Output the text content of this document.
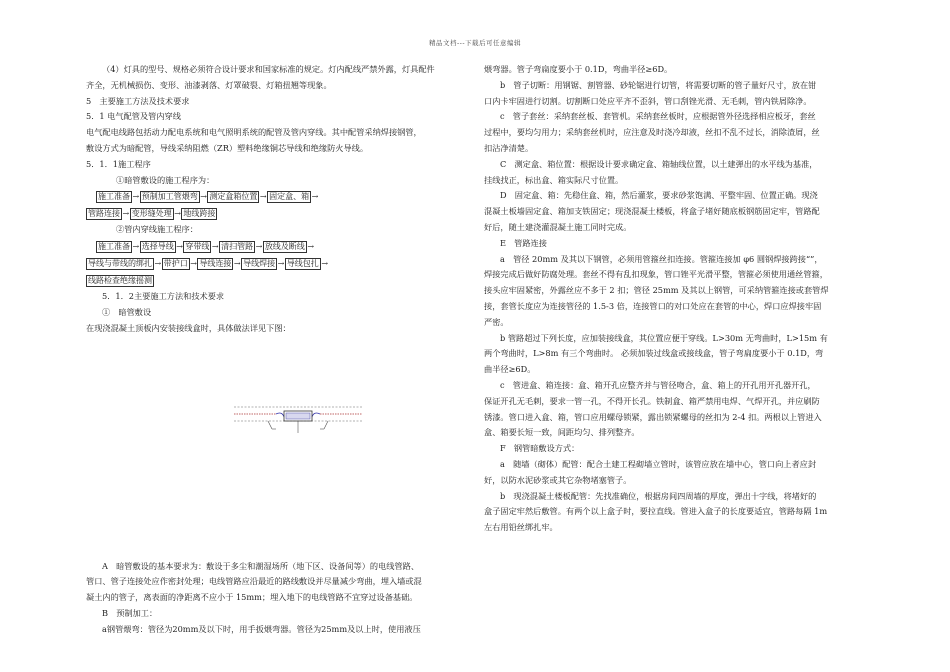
精品文档---下载后可任意编辑

（4）灯具的型号、规格必须符合设计要求和国家标准的规定。灯内配线严禁外露，灯具配件

齐全，无机械损伤、变形、油漆剥落、灯罩破裂、灯箱扭翘等现象。

5　主要施工方法及技术要求

5．1 电气配管及管内穿线

电气配电线路包括动力配电系统和电气照明系统的配管及管内穿线。其中配管采纳焊接钢管，

敷设方式为暗配管，导线采纳阻燃（ZR）塑料绝缘铜芯导线和绝缘防火导线。

5．1．1施工程序

①暗管敷设的施工程序为：

施工准备 → 预制加工管煨弯 → 测定盒箱位置 → 固定盒、箱 →
管路连接 → 变形缝处理 → 地线跨接

②管内穿线施工程序：

施工准备 → 选择导线 → 穿带线 → 清扫管路 → 放线及断线 →
导线与带线的绑扎 → 带护口 → 导线连接 → 导线焊接 → 导线包扎 →
线路检查绝缘摇测

5．1．2主要施工方法和技术要求

①　暗管敷设

在现浇混凝土顶板内安装接线盒时，具体做法详见下图：

A　暗管敷设的基本要求为：敷设于多尘和潮湿场所（地下区、设备间等）的电线管路、

管口、管子连接处应作密封处理；电线管路应沿最近的路线敷设并尽量减少弯曲，埋入墙或混

凝土内的管子，离表面的净距离不应小于 15mm；埋入地下的电线管路不宜穿过设备基础。

B　预制加工：

a钢管煨弯：管径为20mm及以下时，用手扳煨弯器。管径为25mm及以上时，使用液压

煨弯器。管子弯扁度要小于 0.1D，弯曲半径≥6D。

b　管子切断：用钢锯、割管器、砂轮锯进行切管，将需要切断的管子量好尺寸，放在钳

口内卡牢固进行切割。切割断口处应平齐不歪斜，管口刮锉光滑、无毛刺，管内铁屑除净。

c　管子套丝：采纳套丝板、套管机。采纳套丝板时，应根据管外径选择相应板牙，套丝

过程中，要均匀用力；采纳套丝机时，应注意及时浇冷却液，丝扣不乱不过长，消除渣屑，丝

扣沾净清楚。

C　测定盒、箱位置：根据设计要求确定盒、箱轴线位置，以土建弹出的水平线为基准，

挂线找正，标出盒、箱实际尺寸位置。

D　固定盒、箱：先稳住盒、箱，然后灌浆，要求砂浆饱满、平整牢固、位置正确。现浇

混凝土板墙固定盒、箱加支铁固定；现浇混凝土楼板，将盒子堵好随底板钢筋固定牢，管路配

好后，随土建浇灌混凝土施工同时完成。

E　管路连接

a　管径 20mm 及其以下钢管，必须用管箍丝扣连接。管箍连接加 φ6 圆钢焊接跨接“”，

焊接完成后做好防腐处理。套丝不得有乱扣现象，管口锉平光滑平整，管箍必须使用通丝管箍，

接头应牢固紧密，外露丝应不多于 2 扣；管径 25mm 及其以上钢管，可采纳管箍连接或套管焊

接，套管长度应为连接管径的 1.5-3 倍，连接管口的对口处应在套管的中心，焊口应焊接牢固

严密。

b 管路超过下列长度，应加装接线盒，其位置应便于穿线。L>30m 无弯曲时，L>15m 有

两个弯曲时，L>8m 有三个弯曲时。 必须加装过线盒或接线盒，管子弯扁度要小于 0.1D，弯

曲半径≥6D。

c　管进盒、箱连接：盒、箱开孔应整齐并与管径吻合，盒、箱上的开孔用开孔器开孔，

保证开孔无毛刺，要求一管一孔，不得开长孔。铁制盒、箱严禁用电焊、气焊开孔，并应刷防

锈漆。管口进入盒、箱，管口应用螺母锁紧，露出锁紧螺母的丝扣为 2-4 扣。两根以上管进入

盒、箱要长短一致，间距均匀、排列整齐。

F　钢管暗敷设方式：

a　随墙（砌体）配管：配合土建工程砌墙立管时，该管应放在墙中心，管口向上者应封

好，以防水泥砂浆或其它杂物堵塞管子。

b　现浇混凝土楼板配管：先找准确位，根据房间四周墙的厚度，弹出十字线，将堵好的

盒子固定牢然后敷管。有两个以上盒子时，要拉直线。管进入盒子的长度要适宜，管路每隔 1m

左右用铅丝绑扎牢。
